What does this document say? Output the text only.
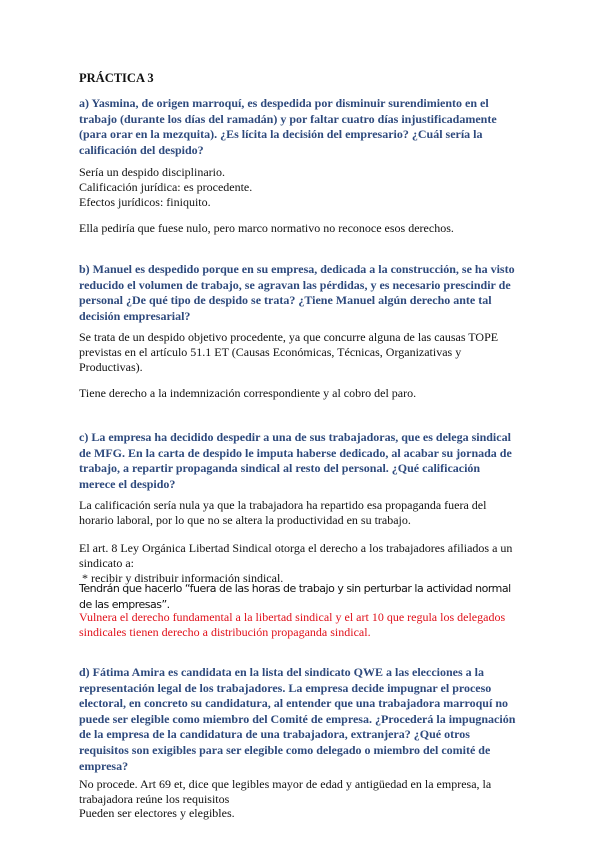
PRÁCTICA 3
a) Yasmina, de origen marroquí, es despedida por disminuir surendimiento en el trabajo (durante los días del ramadán) y por faltar cuatro días injustificadamente (para orar en la mezquita). ¿Es lícita la decisión del empresario? ¿Cuál sería la calificación del despido?
Sería un despido disciplinario.
Calificación jurídica: es procedente.
Efectos jurídicos: finiquito.
Ella pediría que fuese nulo, pero marco normativo no reconoce esos derechos.
b) Manuel es despedido porque en su empresa, dedicada a la construcción, se ha visto reducido el volumen de trabajo, se agravan las pérdidas, y es necesario prescindir de personal ¿De qué tipo de despido se trata? ¿Tiene Manuel algún derecho ante tal decisión empresarial?
Se trata de un despido objetivo procedente, ya que concurre alguna de las causas TOPE previstas en el artículo 51.1 ET (Causas Económicas, Técnicas, Organizativas y Productivas).
Tiene derecho a la indemnización correspondiente y al cobro del paro.
c) La empresa ha decidido despedir a una de sus trabajadoras, que es delega sindical de MFG. En la carta de despido le imputa haberse dedicado, al acabar su jornada de trabajo, a repartir propaganda sindical al resto del personal. ¿Qué calificación merece el despido?
La calificación sería nula ya que la trabajadora ha repartido esa propaganda fuera del horario laboral, por lo que no se altera la productividad en su trabajo.
El art. 8 Ley Orgánica Libertad Sindical otorga el derecho a los trabajadores afiliados a un sindicato a:
* recibir y distribuir información sindical.
Tendrán que hacerlo “fuera de las horas de trabajo y sin perturbar la actividad normal de las empresas”.
Vulnera el derecho fundamental a la libertad sindical y el art 10 que regula los delegados sindicales tienen derecho a distribución propaganda sindical.
d) Fátima Amira es candidata en la lista del sindicato QWE a las elecciones a la representación legal de los trabajadores. La empresa decide impugnar el proceso electoral, en concreto su candidatura, al entender que una trabajadora marroquí no puede ser elegible como miembro del Comité de empresa. ¿Procederá la impugnación de la empresa de la candidatura de una trabajadora, extranjera? ¿Qué otros requisitos son exigibles para ser elegible como delegado o miembro del comité de empresa?
No procede. Art 69 et, dice que legibles mayor de edad y antigüedad en la empresa, la trabajadora reúne los requisitos
Pueden ser electores y elegibles.
